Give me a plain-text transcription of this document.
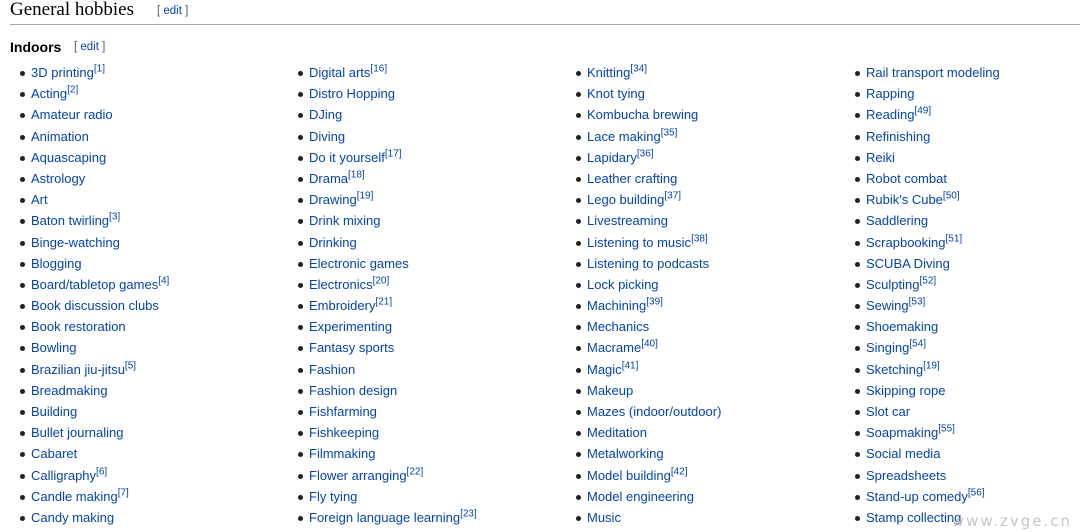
General hobbies [ edit ]
Indoors [ edit ]
3D printing[1]
Acting[2]
Amateur radio
Animation
Aquascaping
Astrology
Art
Baton twirling[3]
Binge-watching
Blogging
Board/tabletop games[4]
Book discussion clubs
Book restoration
Bowling
Brazilian jiu-jitsu[5]
Breadmaking
Building
Bullet journaling
Cabaret
Calligraphy[6]
Candle making[7]
Candy making
Digital arts[16]
Distro Hopping
DJing
Diving
Do it yourself[17]
Drama[18]
Drawing[19]
Drink mixing
Drinking
Electronic games
Electronics[20]
Embroidery[21]
Experimenting
Fantasy sports
Fashion
Fashion design
Fishfarming
Fishkeeping
Filmmaking
Flower arranging[22]
Fly tying
Foreign language learning[23]
Knitting[34]
Knot tying
Kombucha brewing
Lace making[35]
Lapidary[36]
Leather crafting
Lego building[37]
Livestreaming
Listening to music[38]
Listening to podcasts
Lock picking
Machining[39]
Mechanics
Macrame[40]
Magic[41]
Makeup
Mazes (indoor/outdoor)
Meditation
Metalworking
Model building[42]
Model engineering
Music
Rail transport modeling
Rapping
Reading[49]
Refinishing
Reiki
Robot combat
Rubik's Cube[50]
Saddlering
Scrapbooking[51]
SCUBA Diving
Sculpting[52]
Sewing[53]
Shoemaking
Singing[54]
Sketching[19]
Skipping rope
Slot car
Soapmaking[55]
Social media
Spreadsheets
Stand-up comedy[56]
Stamp collecting
www.zvge.cn
